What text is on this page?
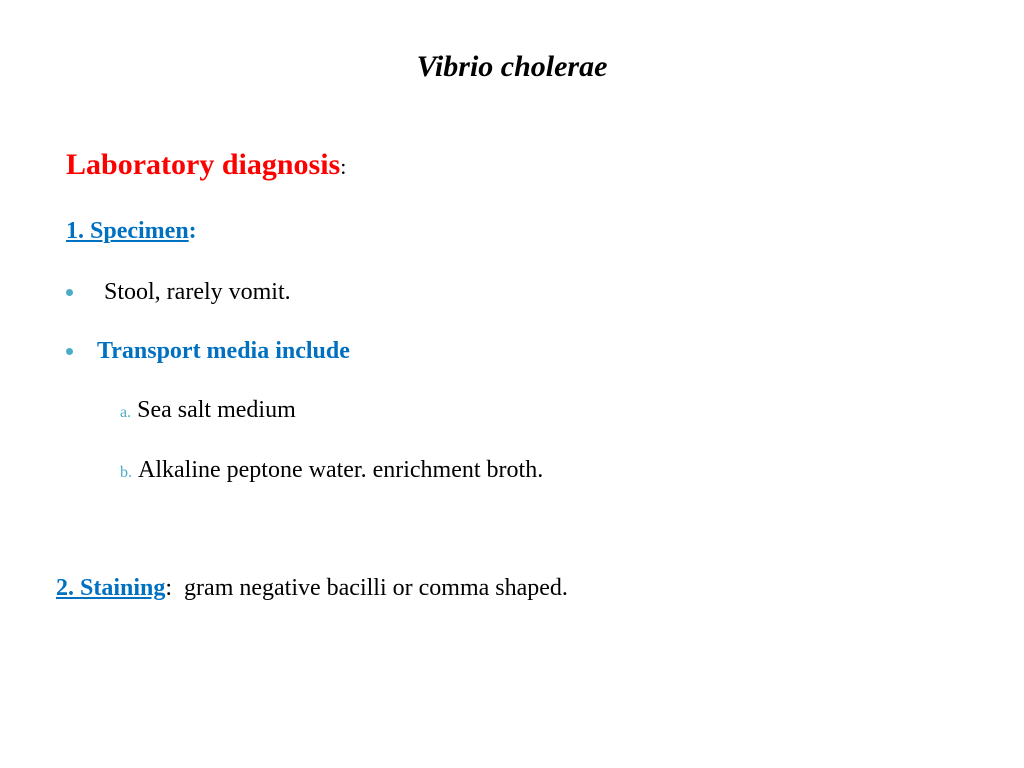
Vibrio cholerae
Laboratory diagnosis:
1. Specimen:
Stool, rarely vomit.
Transport media include
a. Sea salt medium
b. Alkaline peptone water. enrichment broth.
2. Staining: gram negative bacilli or comma shaped.
